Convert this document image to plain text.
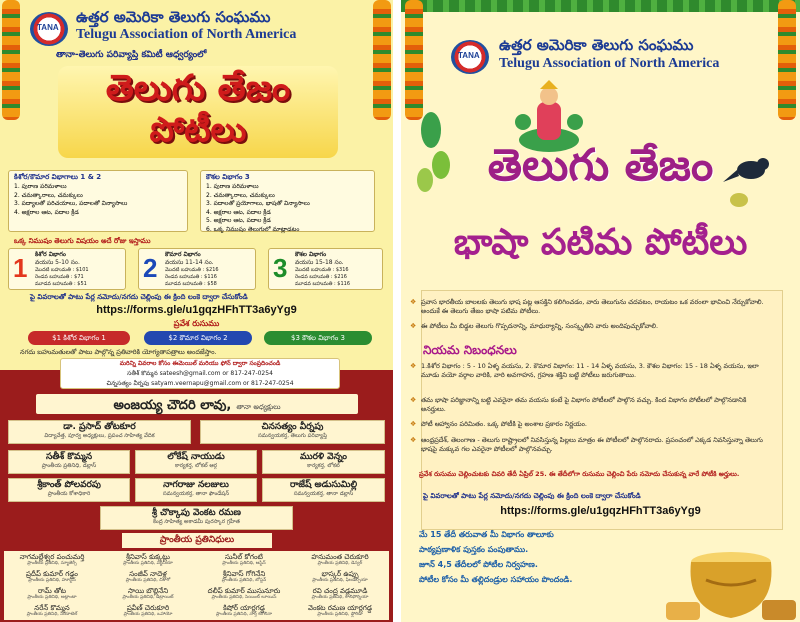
TANA
ఉత్తర అమెరికా తెలుగు సంఘము
Telugu Association of North America
తానా-తెలుగు పరివ్యాప్తి కమిటీ ఆధ్వర్యంలో
తెలుగు తేజం
పోటీలు
కిశోర/కౌమార విభాగాలు 1 & 2
1. పురాణ పరిమళాలు
2. చమత్కారాలు, చమక్కులు
3. పద్యాలతో పరిచయాలు, పదాలతో విన్యాసాలు
4. అక్షరాల ఆట, పదాల క్రీడ
కౌశల విభాగం 3
1. పురాణ పరిమళాలు
2. చమత్కారాలు, చమక్కులు
3. పదాలతో ప్రయోగాలు, భాషతో విన్యాసాలు
4. అక్షరాల ఆట, పదాల క్రీడ
5. అక్షరాల ఆట, పదాల క్రీడ
6. ఒక్క నిముషం తెలుగులో మాట్లాడటం
ఒక్క నిముషం తెలుగు విషయం అదే రోజు ఇస్తాము
1 కిశోర విభాగం
వయసు 5-10 సం.
మొదటి బహుమతి : $101
రెండవ బహుమతి : $71
మూడవ బహుమతి : $51
2 కౌమార విభాగం
వయసు 11-14 సం.
మొదటి బహుమతి : $216
రెండవ బహుమతి : $116
మూడవ బహుమతి : $58
3 కౌశల విభాగం
వయసు 15-18 సం.
మొదటి బహుమతి : $316
రెండవ బహుమతి : $216
మూడవ బహుమతి : $116
పై వివరాలతో పాటు పేర్ల నమోదు/నగదు చెల్లింపు ఈ క్రింది లంకె ద్వారా చేసుకోండి
https://forms.gle/u1gqzHFhTT3a6yYg9
ప్రవేశ రుసుము
$1 కిశోర విభాగం 1	$2 కౌమార విభాగం 2	$3 కౌశల విభాగం 3
నగదు బహుమతులతో పాటు పాల్గొన్న ప్రతివారికి యోగ్యతాపత్రాలు అందజేస్తాం.
మరిన్ని వివరాల కోసం ఈమెయిల్ మరియు ఫోన్ ద్వారా సంప్రదించండి
సతీశ్ కొమ్మన sateesh@gmail.com or 817-247-0254
చిన్నసత్యం వీర్నపు satyam.veernapu@gmail.com or 817-247-0254
అంజయ్య చౌదరి లావు, తానా అధ్యక్షులు
డా. ప్రసాద్ తోటకూర
విద్యావేత్త, పూర్వ అధ్యక్షులు, ప్రపంచ సాహిత్య వేదిక
చినసత్యం వీర్నపు
సమన్వయకర్త, తెలుగు పరివ్యాప్తి
సతీశ్ కొమ్మన
ప్రాంతీయ ప్రతినిధి, డల్లాస్
లోకేష్ నాయుడు
కార్యకర్త, లోకల్ ఆర్గ
మురళి వెన్నం
కార్యకర్త, లోకల్
శ్రీకాంత్ పోలవరపు
ప్రాంతీయ కోశాధికారి
నాగరాజు నలజులు
సమన్వయకర్త, తానా ఫౌండేషన్
రాజేష్ అడుసుమిల్లి
సమన్వయకర్త, తానా డల్లాస్
శ్రీ చొక్కాపు వెంకట రమణ
కేంద్ర సాహిత్య అకాడమీ పురస్కార గ్రహీత
ప్రాంతీయ ప్రతినిధులు
నాగమల్లేశ్వర పంచుమర్తి
ప్రాంతీయ ప్రతినిధి, న్యూజెర్సీ
శ్రీనివాస్ కుక్కట్లు
ప్రాంతీయ ప్రతినిధి, వర్జీనియా
సునీల్ కోగంటి
ప్రాంతీయ ప్రతినిధి, ఆస్టిన్
హనుమంత చెరుకూరి
ప్రాంతీయ ప్రతినిధి, డెన్వర్
ప్రదీప్ కుమార్ గడ్డం
ప్రాంతీయ ప్రతినిధి, హూస్టన్
సంజీవ్ నాదెళ్ల
ప్రాంతీయ ప్రతినిధి, చికాగో
శ్రీనివాస్ గోగినేని
ప్రాంతీయ ప్రతినిధి, బోస్టన్
భాస్కర్ ఉప్పు
ప్రాంతీయ ప్రతినిధి, ఫిలడెల్ఫియా
రామ్ తోట
ప్రాంతీయ ప్రతినిధి, అట్లాంటా
సాయి బొల్లినేని
ప్రాంతీయ ప్రతినిధి, డెట్రాయిట్
దలీప్ కుమార్ ముసునూరు
ప్రాంతీయ ప్రతినిధి, సెయింట్ లూయిస్
రవి చంద్ర వడ్లమూడి
ప్రాంతీయ ప్రతినిధి, కాలిఫోర్నియా
నరేన్ కొమ్మన
ప్రాంతీయ ప్రతినిధి, సియాటెల్
ప్రవీణ్ చెరుకూరి
ప్రాంతీయ ప్రతినిధి, ఒహాయో
కిషోర్ యార్లగడ్డ
ప్రాంతీయ ప్రతినిధి, నార్త్ కరోలినా
వెంకట రమణ యార్లగడ్డ
ప్రాంతీయ ప్రతినిధి, ఫ్లోరిడా
TANA
ఉత్తర అమెరికా తెలుగు సంఘము
Telugu Association of North America
తెలుగు తేజం
భాషా పటిమ పోటీలు
❖ ప్రవాస భారతీయ బాలలకు తెలుగు భాష పట్ల ఆసక్తిని కలిగించడం, వారు తెలుగును చదవటం, రాయటం ఒక వరంలా భావించి నేర్చుకోవాలి. అందుకే ఈ తెలుగు తేజం భాషా పటిమ పోటీలు.
❖ ఈ పోటీలు మీ బిడ్డల తెలుగు గొప్పదనాన్ని, మాధుర్యాన్ని, సంస్కృతిని వారు అందిపుచ్చుకోవాలి.
నియమ నిబంధనలు
❖ 1.కిశోర విభాగం : 5 - 10 ఏళ్ళ వయసు, 2. కౌమార విభాగం: 11 - 14 ఏళ్ళ వయసు, 3. కౌశల విభాగం: 15 - 18 ఏళ్ళ వయసు, ఇలా మూడు వయో వర్గాల వారికి, వారి అవగాహన, గ్రహణ శక్తిని బట్టి పోటీలు జరుగుతాయి.
❖ తమ భాషా పరిజ్ఞానాన్ని బట్టి ఎవరైనా తమ వయసు కంటే పై విభాగం పోటీలలో పాల్గొన వచ్చు. కింద విభాగం పోటీలలో పాల్గొనడానికి అనర్హులు.
❖ పోటీ ఆహ్వానం పరిమితం. ఒక్క పోటీకి పై అంశాల ప్రకారం నిర్ణయం.
❖ ఆంధ్రప్రదేశ్, తెలంగాణ - తెలుగు రాష్ట్రాలలో నివసిస్తున్న పిల్లలు మాత్రం ఈ పోటీలలో పాల్గొనరాదు. ప్రపంచంలో ఎక్కడ నివసిస్తున్నా తెలుగు భాషపై మక్కువ గల ఎవరైనా పోటీలలో పాల్గొనవచ్చు.
ప్రవేశ రుసుము చెల్లించుటకు చివరి తేదీ ఏప్రిల్ 25. ఈ తేదీలోగా రుసుము చెల్లించి పేరు నమోదు చేసుకున్న వారే పోటీకి అర్హులు.
పై వివరాలతో పాటు పేర్ల నమోదు/నగదు చెల్లింపు ఈ క్రింది లంకె ద్వారా చేసుకోండి
https://forms.gle/u1gqzHFhTT3a6yYg9
మే 15 తేదీ తరువాత మీ విభాగం తాలూకు
పాఠ్యప్రణాళిక పుస్తకం పంపుతాము.
జూన్ 4,5 తేదీలలో పోటీల నిర్వహణ.
పోటీల కోసం మీ తల్లిదండ్రుల సహాయం పొందండి.
